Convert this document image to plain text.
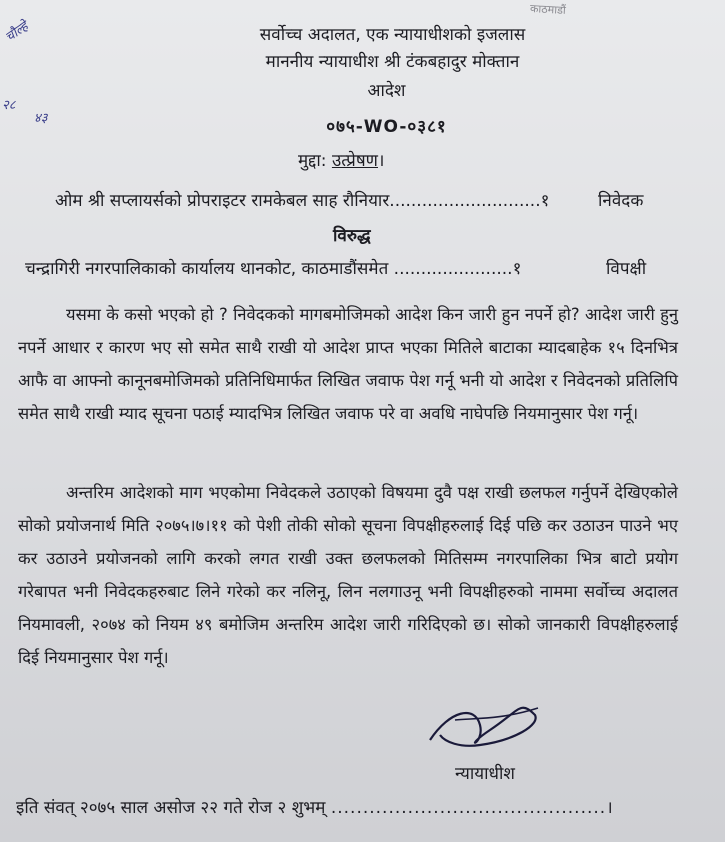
काठमाडौं
चौल्हे
२८
४३
सर्वोच्च अदालत, एक न्यायाधीशको इजलास
माननीय न्यायाधीश श्री टंकबहादुर मोक्तान
आदेश
०७५-WO-०३८१
मुद्दा: उत्प्रेषण।
ओम श्री सप्लायर्सको प्रोपराइटर रामकेबल साह रौनियार............................१	निवेदक
विरुद्ध
चन्द्रागिरी नगरपालिकाको कार्यालय थानकोट, काठमाडौंसमेत ......................१	विपक्षी
यसमा के कसो भएको हो ? निवेदकको मागबमोजिमको आदेश किन जारी हुन नपर्ने हो? आदेश जारी हुनु नपर्ने आधार र कारण भए सो समेत साथै राखी यो आदेश प्राप्त भएका मितिले बाटाका म्यादबाहेक १५ दिनभित्र आफै वा आफ्नो कानूनबमोजिमको प्रतिनिधिमार्फत लिखित जवाफ पेश गर्नू भनी यो आदेश र निवेदनको प्रतिलिपि समेत साथै राखी म्याद सूचना पठाई म्यादभित्र लिखित जवाफ परे वा अवधि नाघेपछि नियमानुसार पेश गर्नू।
अन्तरिम आदेशको माग भएकोमा निवेदकले उठाएको विषयमा दुवै पक्ष राखी छलफल गर्नुपर्ने देखिएकोले सोको प्रयोजनार्थ मिति २०७५।७।११ को पेशी तोकी सोको सूचना विपक्षीहरुलाई दिई पछि कर उठाउन पाउने भए कर उठाउने प्रयोजनको लागि करको लगत राखी उक्त छलफलको मितिसम्म नगरपालिका भित्र बाटो प्रयोग गरेबापत भनी निवेदकहरुबाट लिने गरेको कर नलिनू, लिन नलगाउनू भनी विपक्षीहरुको नाममा सर्वोच्च अदालत नियमावली, २०७४ को नियम ४९ बमोजिम अन्तरिम आदेश जारी गरिदिएको छ। सोको जानकारी विपक्षीहरुलाई दिई नियमानुसार पेश गर्नू।
न्यायाधीश
इति संवत् २०७५ साल असोज २२ गते रोज २ शुभम् ...........................................।
